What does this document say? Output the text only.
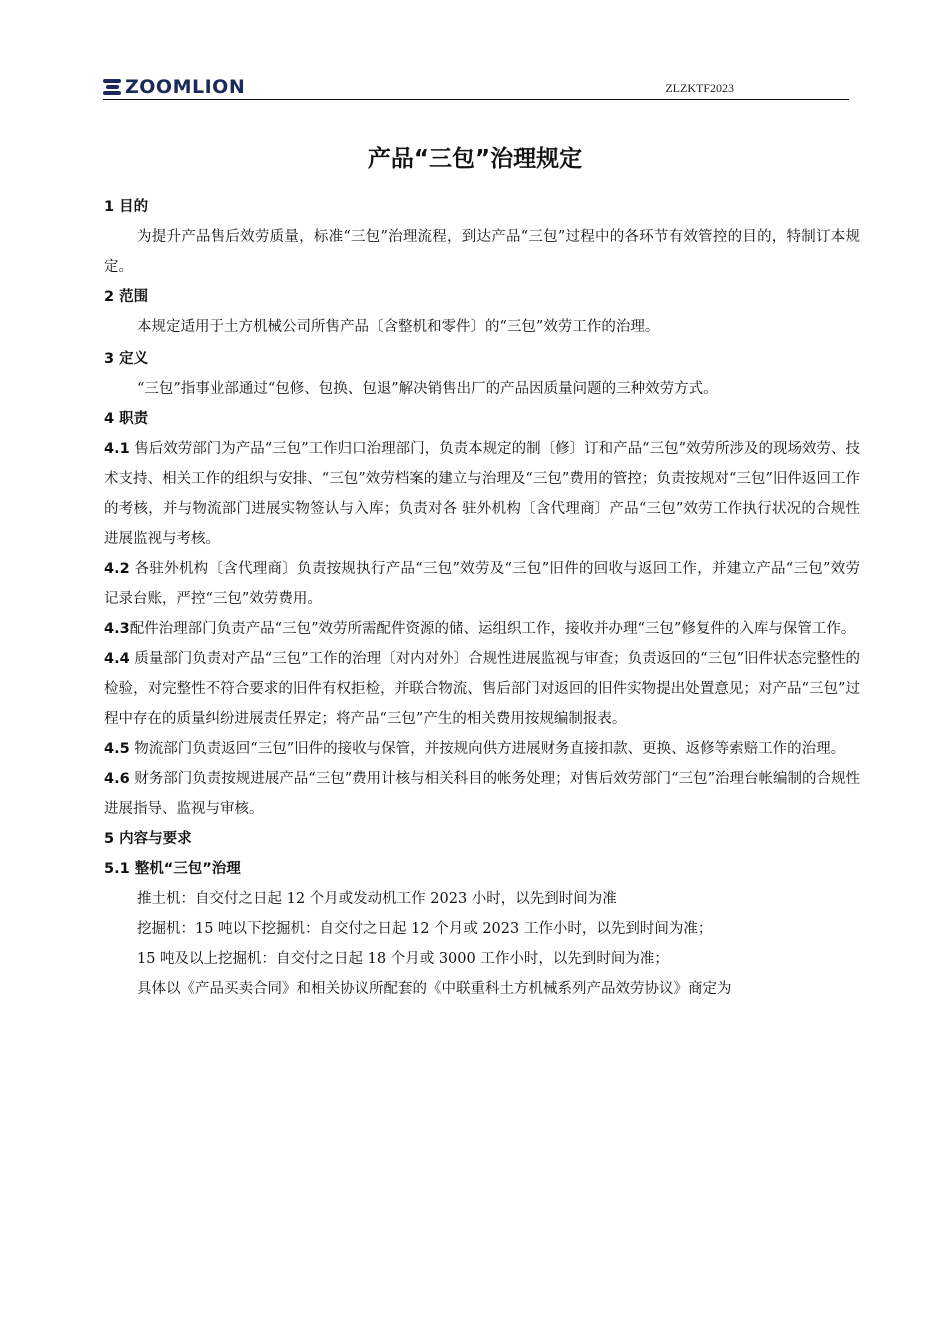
ZOOMLION	ZLZKTF2023
产品“三包”治理规定
1 目的
为提升产品售后效劳质量，标准“三包”治理流程，到达产品“三包”过程中的各环节有效管控的目的，特制订本规定。
2 范围
本规定适用于土方机械公司所售产品〔含整机和零件〕的“三包”效劳工作的治理。
3 定义
“三包”指事业部通过“包修、包换、包退”解决销售出厂的产品因质量问题的三种效劳方式。
4 职责
4.1 售后效劳部门为产品“三包”工作归口治理部门，负责本规定的制〔修〕订和产品“三包”效劳所涉及的现场效劳、技术支持、相关工作的组织与安排、“三包”效劳档案的建立与治理及“三包”费用的管控；负责按规对“三包”旧件返回工作的考核，并与物流部门进展实物签认与入库；负责对各 驻外机构〔含代理商〕产品“三包”效劳工作执行状况的合规性进展监视与考核。
4.2 各驻外机构〔含代理商〕负责按规执行产品“三包”效劳及“三包”旧件的回收与返回工作，并建立产品“三包”效劳记录台账，严控“三包”效劳费用。
4.3配件治理部门负责产品“三包”效劳所需配件资源的储、运组织工作，接收并办理“三包”修复件的入库与保管工作。
4.4 质量部门负责对产品“三包”工作的治理〔对内对外〕合规性进展监视与审查；负责返回的“三包”旧件状态完整性的检验，对完整性不符合要求的旧件有权拒检，并联合物流、售后部门对返回的旧件实物提出处置意见；对产品“三包”过程中存在的质量纠纷进展责任界定；将产品“三包”产生的相关费用按规编制报表。
4.5 物流部门负责返回“三包”旧件的接收与保管，并按规向供方进展财务直接扣款、更换、返修等索赔工作的治理。
4.6 财务部门负责按规进展产品“三包”费用计核与相关科目的帐务处理；对售后效劳部门“三包”治理台帐编制的合规性进展指导、监视与审核。
5 内容与要求
5.1 整机“三包”治理
推土机：自交付之日起 12 个月或发动机工作 2023 小时，以先到时间为准
挖掘机：15 吨以下挖掘机：自交付之日起 12 个月或 2023 工作小时，以先到时间为准；
15 吨及以上挖掘机：自交付之日起 18 个月或 3000 工作小时，以先到时间为准；
具体以《产品买卖合同》和相关协议所配套的《中联重科土方机械系列产品效劳协议》商定为
